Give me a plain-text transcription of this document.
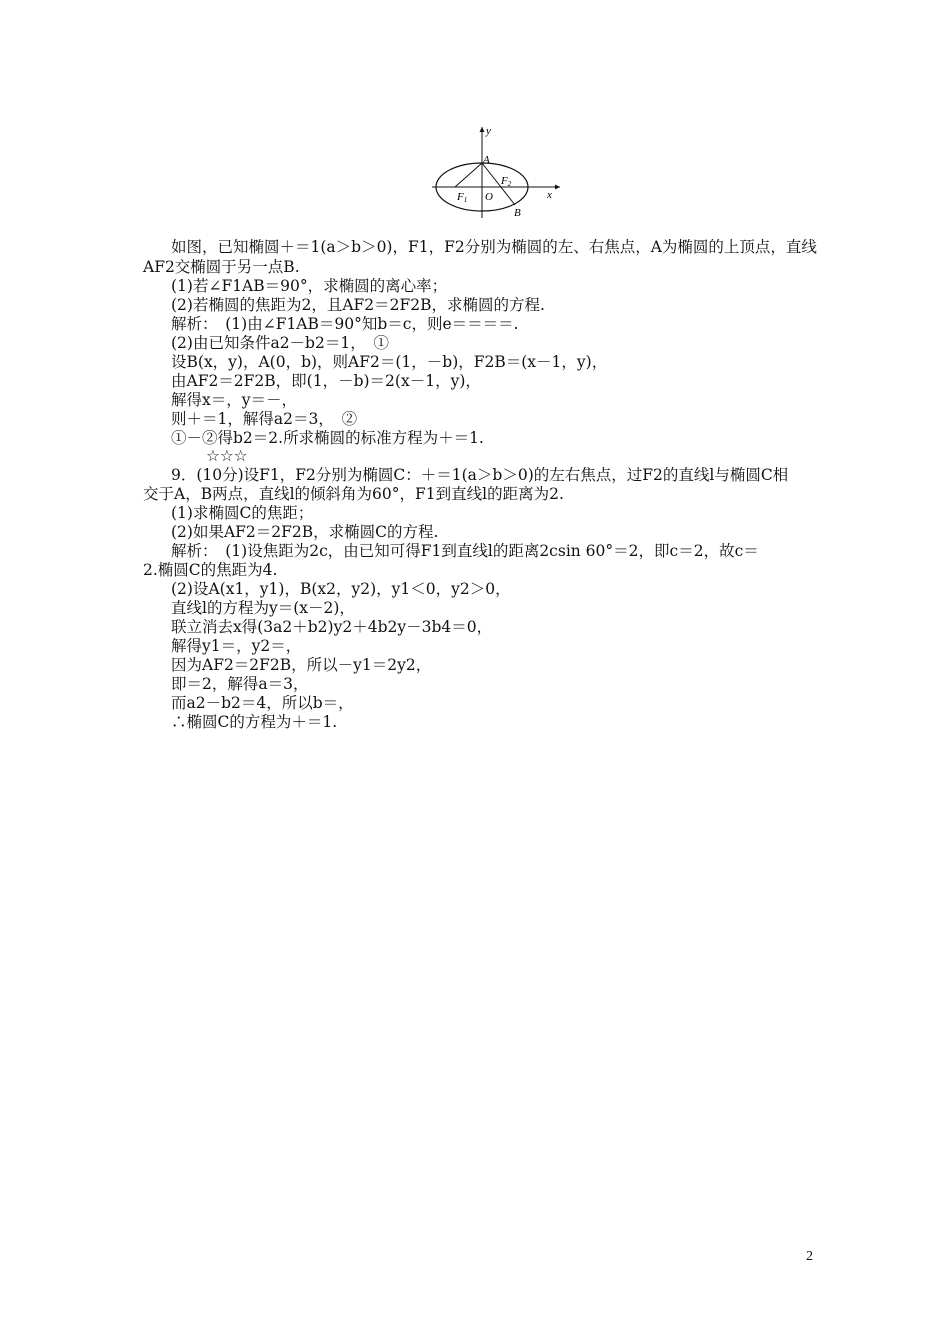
y
x
A
F1
F2
O
B
如图，已知椭圆＋＝1(a＞b＞0)，F1，F2分别为椭圆的左、右焦点，A为椭圆的上顶点，直线
AF2交椭圆于另一点B.
(1)若∠F1AB＝90°，求椭圆的离心率；
(2)若椭圆的焦距为2，且AF2＝2F2B，求椭圆的方程.
解析：　(1)由∠F1AB＝90°知b＝c，则e＝＝＝＝.
(2)由已知条件a2－b2＝1，　①
设B(x，y)，A(0，b)，则AF2＝(1，－b)，F2B＝(x－1，y)，
由AF2＝2F2B，即(1，－b)＝2(x－1，y)，
解得x＝，y＝－，
则＋＝1，解得a2＝3，　②
①－②得b2＝2.所求椭圆的标准方程为＋＝1.
☆☆☆
9．(10分)设F1，F2分别为椭圆C：＋＝1(a＞b＞0)的左右焦点，过F2的直线l与椭圆C相
交于A，B两点，直线l的倾斜角为60°，F1到直线l的距离为2.
(1)求椭圆C的焦距；
(2)如果AF2＝2F2B，求椭圆C的方程.
解析：　(1)设焦距为2c，由已知可得F1到直线l的距离2csin 60°＝2，即c＝2，故c＝
2.椭圆C的焦距为4.
(2)设A(x1，y1)，B(x2，y2)，y1＜0，y2＞0，
直线l的方程为y＝(x－2)，
联立消去x得(3a2＋b2)y2＋4b2y－3b4＝0，
解得y1＝，y2＝，
因为AF2＝2F2B，所以－y1＝2y2，
即＝2，解得a＝3，
而a2－b2＝4，所以b＝，
∴椭圆C的方程为＋＝1.
2
